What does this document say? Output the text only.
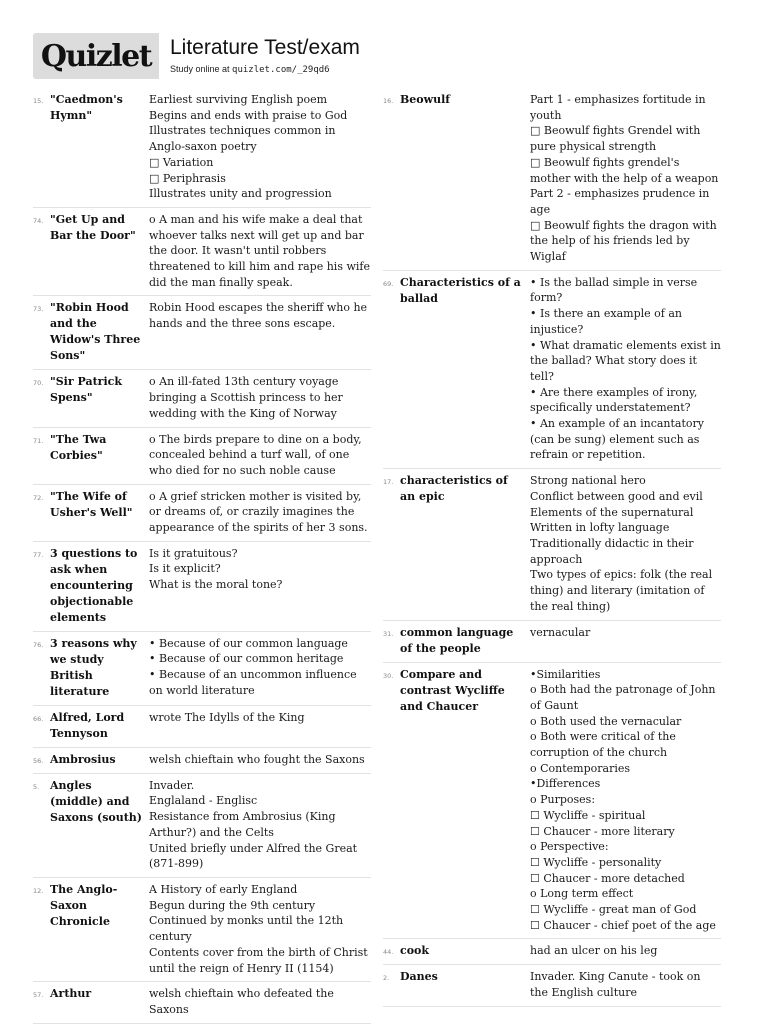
Quizlet Literature Test/exam
Study online at quizlet.com/_29qd6
15. "Caedmon's Hymn"
Earliest surviving English poem
Begins and ends with praise to God
Illustrates techniques common in Anglo-saxon poetry
□ Variation
□ Periphrasis
Illustrates unity and progression
74. "Get Up and Bar the Door"
o A man and his wife make a deal that whoever talks next will get up and bar the door. It wasn't until robbers threatened to kill him and rape his wife did the man finally speak.
73. "Robin Hood and the Widow's Three Sons"
Robin Hood escapes the sheriff who he hands and the three sons escape.
70. "Sir Patrick Spens"
o An ill-fated 13th century voyage bringing a Scottish princess to her wedding with the King of Norway
71. "The Twa Corbies"
o The birds prepare to dine on a body, concealed behind a turf wall, of one who died for no such noble cause
72. "The Wife of Usher's Well"
o A grief stricken mother is visited by, or dreams of, or crazily imagines the appearance of the spirits of her 3 sons.
77. 3 questions to ask when encountering objectionable elements
Is it gratuitous?
Is it explicit?
What is the moral tone?
76. 3 reasons why we study British literature
• Because of our common language
• Because of our common heritage
• Because of an uncommon influence on world literature
66. Alfred, Lord Tennyson
wrote The Idylls of the King
56. Ambrosius	welsh chieftain who fought the Saxons
5. Angles (middle) and Saxons (south)
Invader.
Englaland - Englisc
Resistance from Ambrosius (King Arthur?) and the Celts
United briefly under Alfred the Great (871-899)
12. The Anglo-Saxon Chronicle
A History of early England
Begun during the 9th century
Continued by monks until the 12th century
Contents cover from the birth of Christ until the reign of Henry II (1154)
57. Arthur	welsh chieftain who defeated the Saxons
16. Beowulf	Part 1 - emphasizes fortitude in youth
□ Beowulf fights Grendel with pure physical strength
□ Beowulf fights grendel's mother with the help of a weapon
Part 2 - emphasizes prudence in age
□ Beowulf fights the dragon with the help of his friends led by Wiglaf
69. Characteristics of a ballad
• Is the ballad simple in verse form?
• Is there an example of an injustice?
• What dramatic elements exist in the ballad? What story does it tell?
• Are there examples of irony, specifically understatement?
• An example of an incantatory (can be sung) element such as refrain or repetition.
17. characteristics of an epic
Strong national hero
Conflict between good and evil
Elements of the supernatural
Written in lofty language
Traditionally didactic in their approach
Two types of epics: folk (the real thing) and literary (imitation of the real thing)
31. common language of the people
vernacular
30. Compare and contrast Wycliffe and Chaucer
•Similarities
o Both had the patronage of John of Gaunt
o Both used the vernacular
o Both were critical of the corruption of the church
o Contemporaries
•Differences
o Purposes:
☐ Wycliffe - spiritual
☐ Chaucer - more literary
o Perspective:
☐ Wycliffe - personality
☐ Chaucer - more detached
o Long term effect
☐ Wycliffe - great man of God
☐ Chaucer - chief poet of the age
44. cook	had an ulcer on his leg
2. Danes	Invader. King Canute - took on the English culture
